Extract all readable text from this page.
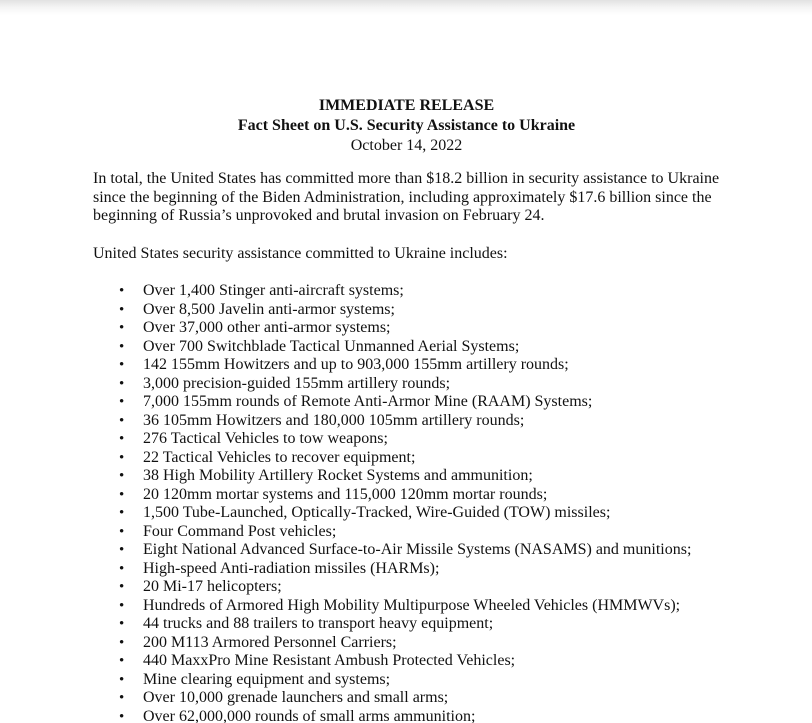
IMMEDIATE RELEASE
Fact Sheet on U.S. Security Assistance to Ukraine
October 14, 2022

In total, the United States has committed more than $18.2 billion in security assistance to Ukraine since the beginning of the Biden Administration, including approximately $17.6 billion since the beginning of Russia’s unprovoked and brutal invasion on February 24.

United States security assistance committed to Ukraine includes:

• Over 1,400 Stinger anti-aircraft systems;
• Over 8,500 Javelin anti-armor systems;
• Over 37,000 other anti-armor systems;
• Over 700 Switchblade Tactical Unmanned Aerial Systems;
• 142 155mm Howitzers and up to 903,000 155mm artillery rounds;
• 3,000 precision-guided 155mm artillery rounds;
• 7,000 155mm rounds of Remote Anti-Armor Mine (RAAM) Systems;
• 36 105mm Howitzers and 180,000 105mm artillery rounds;
• 276 Tactical Vehicles to tow weapons;
• 22 Tactical Vehicles to recover equipment;
• 38 High Mobility Artillery Rocket Systems and ammunition;
• 20 120mm mortar systems and 115,000 120mm mortar rounds;
• 1,500 Tube-Launched, Optically-Tracked, Wire-Guided (TOW) missiles;
• Four Command Post vehicles;
• Eight National Advanced Surface-to-Air Missile Systems (NASAMS) and munitions;
• High-speed Anti-radiation missiles (HARMs);
• 20 Mi-17 helicopters;
• Hundreds of Armored High Mobility Multipurpose Wheeled Vehicles (HMMWVs);
• 44 trucks and 88 trailers to transport heavy equipment;
• 200 M113 Armored Personnel Carriers;
• 440 MaxxPro Mine Resistant Ambush Protected Vehicles;
• Mine clearing equipment and systems;
• Over 10,000 grenade launchers and small arms;
• Over 62,000,000 rounds of small arms ammunition;
